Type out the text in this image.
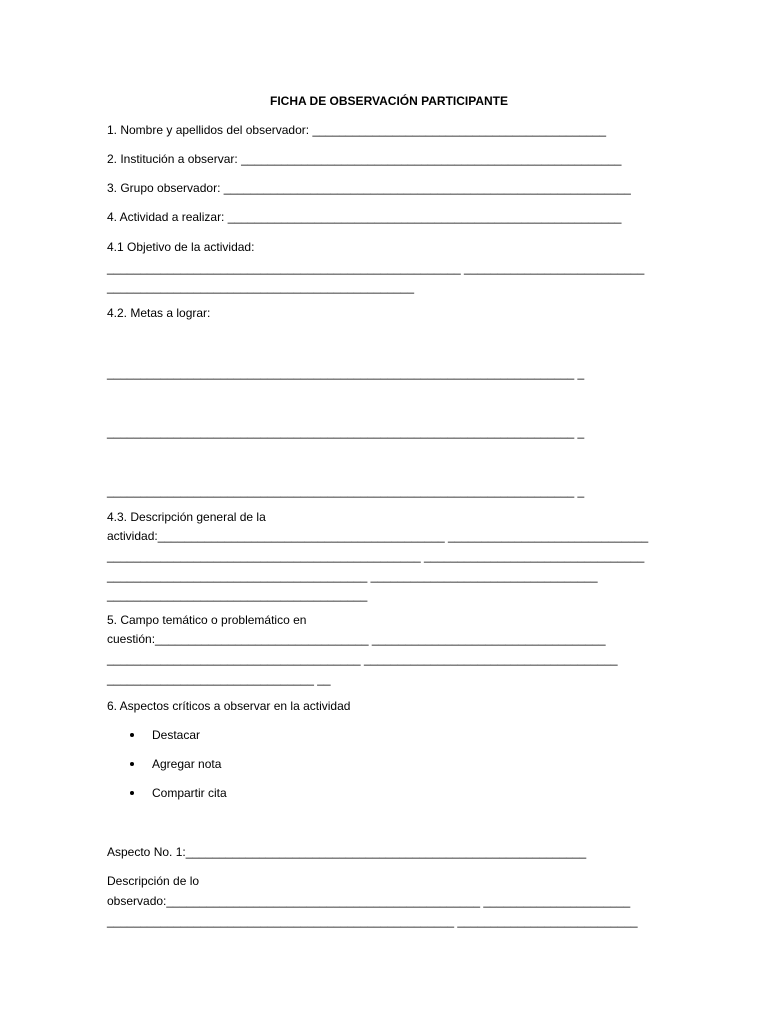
FICHA DE OBSERVACIÓN PARTICIPANTE
1. Nombre y apellidos del observador: ____________________________________________
2. Institución a observar: _________________________________________________________
3. Grupo observador: _____________________________________________________________
4. Actividad a realizar: ___________________________________________________________
4.1 Objetivo de la actividad:
_____________________________________________________ ___________________________
______________________________________________
4.2. Metas a lograr:
______________________________________________________________________ _
______________________________________________________________________ _
______________________________________________________________________ _
4.3. Descripción general de la
actividad:___________________________________________ ______________________________
_______________________________________________ _________________________________
_______________________________________ __________________________________
_______________________________________
5. Campo temático o problemático en
cuestión:________________________________ ___________________________________
______________________________________ ______________________________________
_______________________________ __
6. Aspectos críticos a observar en la actividad
Destacar
Agregar nota
Compartir cita
Aspecto No. 1:____________________________________________________________
Descripción de lo
observado:_______________________________________________ ______________________
____________________________________________________ ___________________________
